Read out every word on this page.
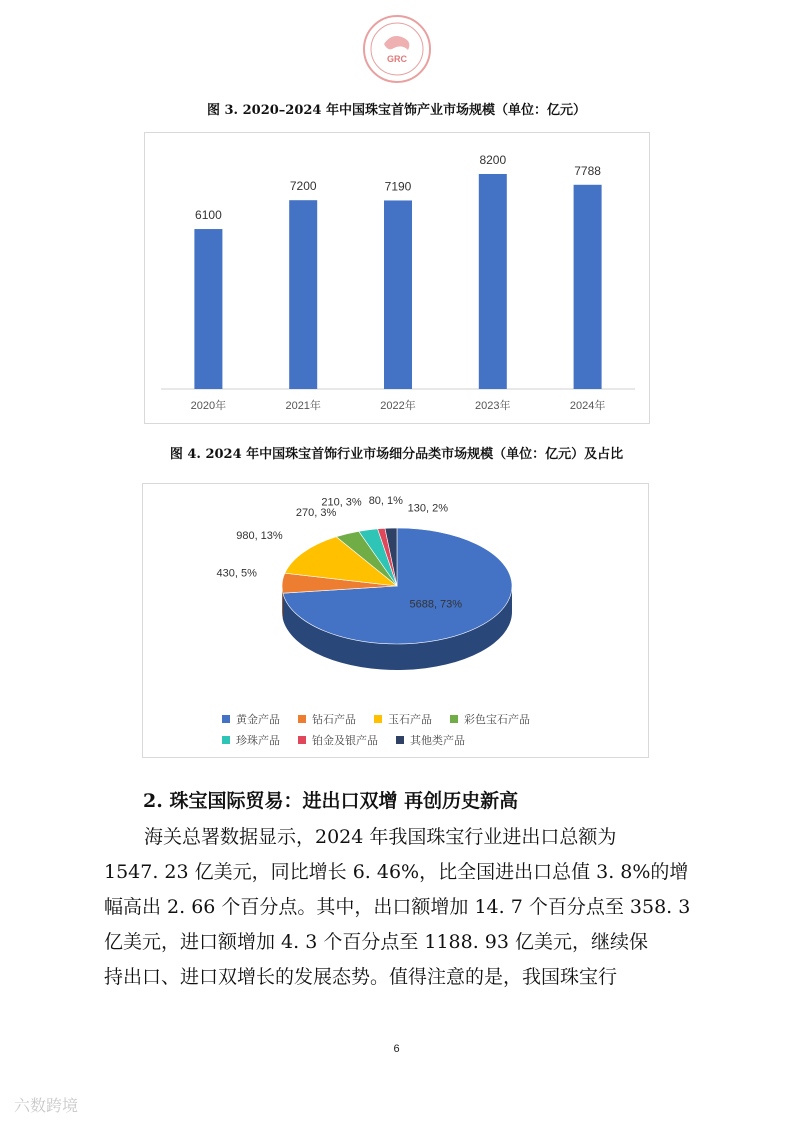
GRC
图 3. 2020–2024 年中国珠宝首饰产业市场规模（单位：亿元）
6100
2020年
7200
2021年
7190
2022年
8200
2023年
7788
2024年
图 4. 2024 年中国珠宝首饰行业市场细分品类市场规模（单位：亿元）及占比
5688, 73%
430, 5%
980, 13%
270, 3%
210, 3% 80, 1%
130, 2%
黄金产品	钻石产品	玉石产品	彩色宝石产品
珍珠产品	铂金及银产品	其他类产品
2. 珠宝国际贸易：进出口双增 再创历史新高
海关总署数据显示，2024 年我国珠宝行业进出口总额为
1547. 23 亿美元，同比增长 6. 46%，比全国进出口总值 3. 8%的增
幅高出 2. 66 个百分点。其中，出口额增加 14. 7 个百分点至 358. 3
亿美元，进口额增加 4. 3 个百分点至 1188. 93 亿美元，继续保
持出口、进口双增长的发展态势。值得注意的是，我国珠宝行
6
六数跨境
